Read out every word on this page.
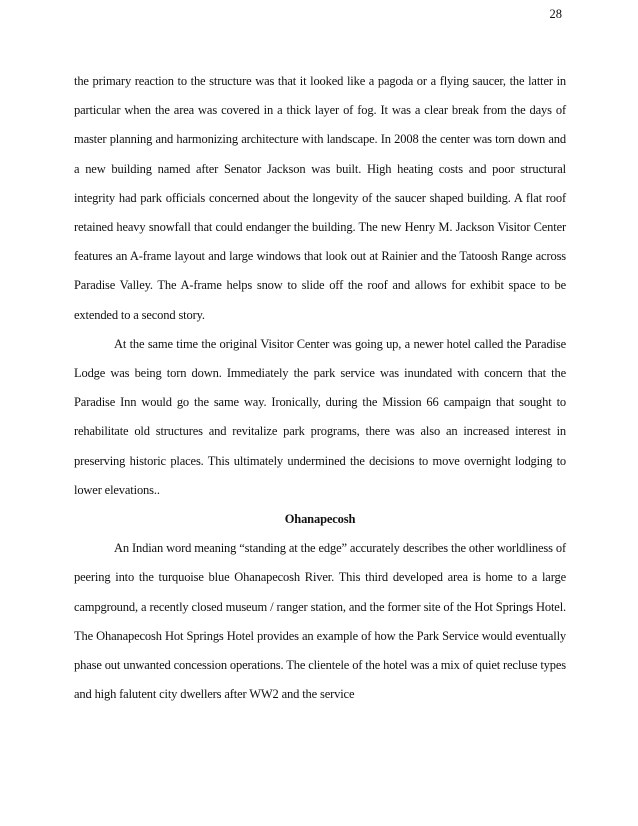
28

the primary reaction to the structure was that it looked like a pagoda or a flying saucer, the latter in particular when the area was covered in a thick layer of fog. It was a clear break from the days of master planning and harmonizing architecture with landscape. In 2008 the center was torn down and a new building named after Senator Jackson was built. High heating costs and poor structural integrity had park officials concerned about the longevity of the saucer shaped building. A flat roof retained heavy snowfall that could endanger the building. The new Henry M. Jackson Visitor Center features an A-frame layout and large windows that look out at Rainier and the Tatoosh Range across Paradise Valley. The A-frame helps snow to slide off the roof and allows for exhibit space to be extended to a second story.

At the same time the original Visitor Center was going up, a newer hotel called the Paradise Lodge was being torn down. Immediately the park service was inundated with concern that the Paradise Inn would go the same way. Ironically, during the Mission 66 campaign that sought to rehabilitate old structures and revitalize park programs, there was also an increased interest in preserving historic places. This ultimately undermined the decisions to move overnight lodging to lower elevations..

Ohanapecosh

An Indian word meaning “standing at the edge” accurately describes the other worldliness of peering into the turquoise blue Ohanapecosh River. This third developed area is home to a large campground, a recently closed museum / ranger station, and the former site of the Hot Springs Hotel. The Ohanapecosh Hot Springs Hotel provides an example of how the Park Service would eventually phase out unwanted concession operations. The clientele of the hotel was a mix of quiet recluse types and high falutent city dwellers after WW2 and the service
